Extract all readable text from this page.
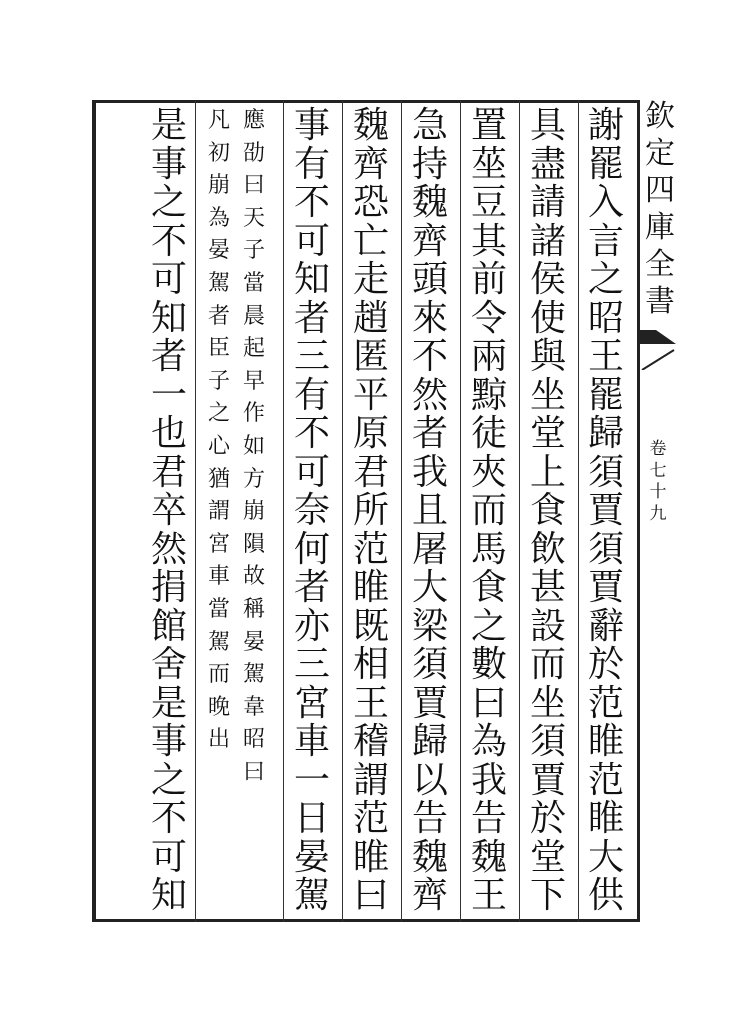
欽
定
四
庫
全
書
卷
七
十
九
謝
罷
入
言
之
昭
王
罷
歸
須
賈
須
賈
辭
於
范
睢
范
睢
大
供
具
盡
請
諸
侯
使
與
坐
堂
上
食
飲
甚
設
而
坐
須
賈
於
堂
下
置
莝
豆
其
前
令
兩
黥
徒
夾
而
馬
食
之
數
曰
為
我
告
魏
王
急
持
魏
齊
頭
來
不
然
者
我
且
屠
大
梁
須
賈
歸
以
告
魏
齊
魏
齊
恐
亡
走
趙
匿
平
原
君
所
范
睢
既
相
王
稽
謂
范
睢
曰
事
有
不
可
知
者
三
有
不
可
奈
何
者
亦
三
宮
車
一
日
晏
駕
應
劭
曰
天
子
當
晨
起
早
作
如
方
崩
隕
故
稱
晏
駕
韋
昭
曰
凡
初
崩
為
晏
駕
者
臣
子
之
心
猶
謂
宮
車
當
駕
而
晚
出
是
事
之
不
可
知
者
一
也
君
卒
然
捐
館
舍
是
事
之
不
可
知
